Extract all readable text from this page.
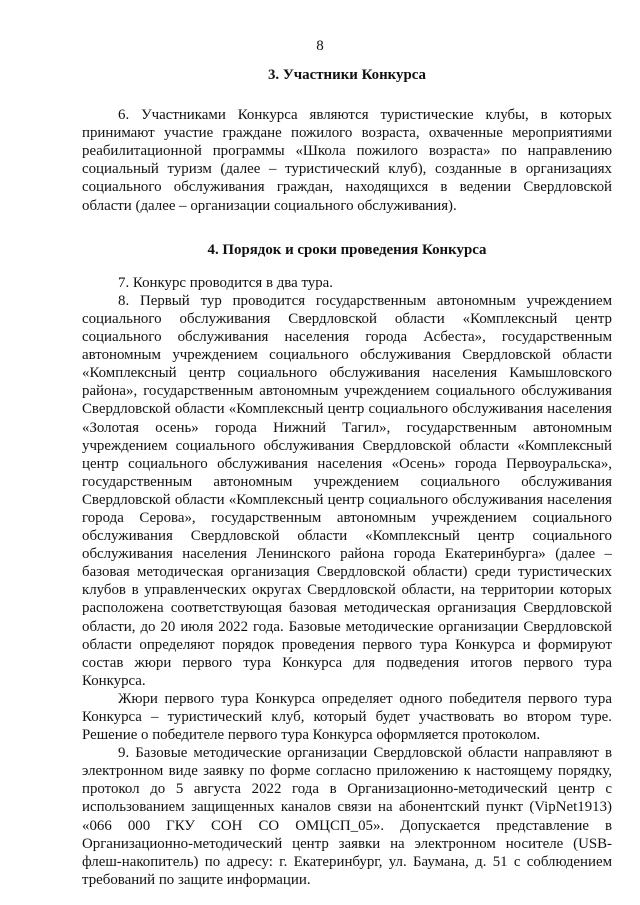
8

3. Участники Конкурса

6. Участниками Конкурса являются туристические клубы, в которых принимают участие граждане пожилого возраста, охваченные мероприятиями реабилитационной программы «Школа пожилого возраста» по направлению социальный туризм (далее – туристический клуб), созданные в организациях социального обслуживания граждан, находящихся в ведении Свердловской области (далее – организации социального обслуживания).

4. Порядок и сроки проведения Конкурса

7. Конкурс проводится в два тура.

8. Первый тур проводится государственным автономным учреждением социального обслуживания Свердловской области «Комплексный центр социального обслуживания населения города Асбеста», государственным автономным учреждением социального обслуживания Свердловской области «Комплексный центр социального обслуживания населения Камышловского района», государственным автономным учреждением социального обслуживания Свердловской области «Комплексный центр социального обслуживания населения «Золотая осень» города Нижний Тагил», государственным автономным учреждением социального обслуживания Свердловской области «Комплексный центр социального обслуживания населения «Осень» города Первоуральска», государственным автономным учреждением социального обслуживания Свердловской области «Комплексный центр социального обслуживания населения города Серова», государственным автономным учреждением социального обслуживания Свердловской области «Комплексный центр социального обслуживания населения Ленинского района города Екатеринбурга» (далее – базовая методическая организация Свердловской области) среди туристических клубов в управленческих округах Свердловской области, на территории которых расположена соответствующая базовая методическая организация Свердловской области, до 20 июля 2022 года. Базовые методические организации Свердловской области определяют порядок проведения первого тура Конкурса и формируют состав жюри первого тура Конкурса для подведения итогов первого тура Конкурса.

Жюри первого тура Конкурса определяет одного победителя первого тура Конкурса – туристический клуб, который будет участвовать во втором туре. Решение о победителе первого тура Конкурса оформляется протоколом.

9. Базовые методические организации Свердловской области направляют в электронном виде заявку по форме согласно приложению к настоящему порядку, протокол до 5 августа 2022 года в Организационно-методический центр с использованием защищенных каналов связи на абонентский пункт (VipNet1913) «066 000 ГКУ СОН СО ОМЦСП_05». Допускается представление в Организационно-методический центр заявки на электронном носителе (USB-флеш-накопитель) по адресу: г. Екатеринбург, ул. Баумана, д. 51 с соблюдением требований по защите информации.
